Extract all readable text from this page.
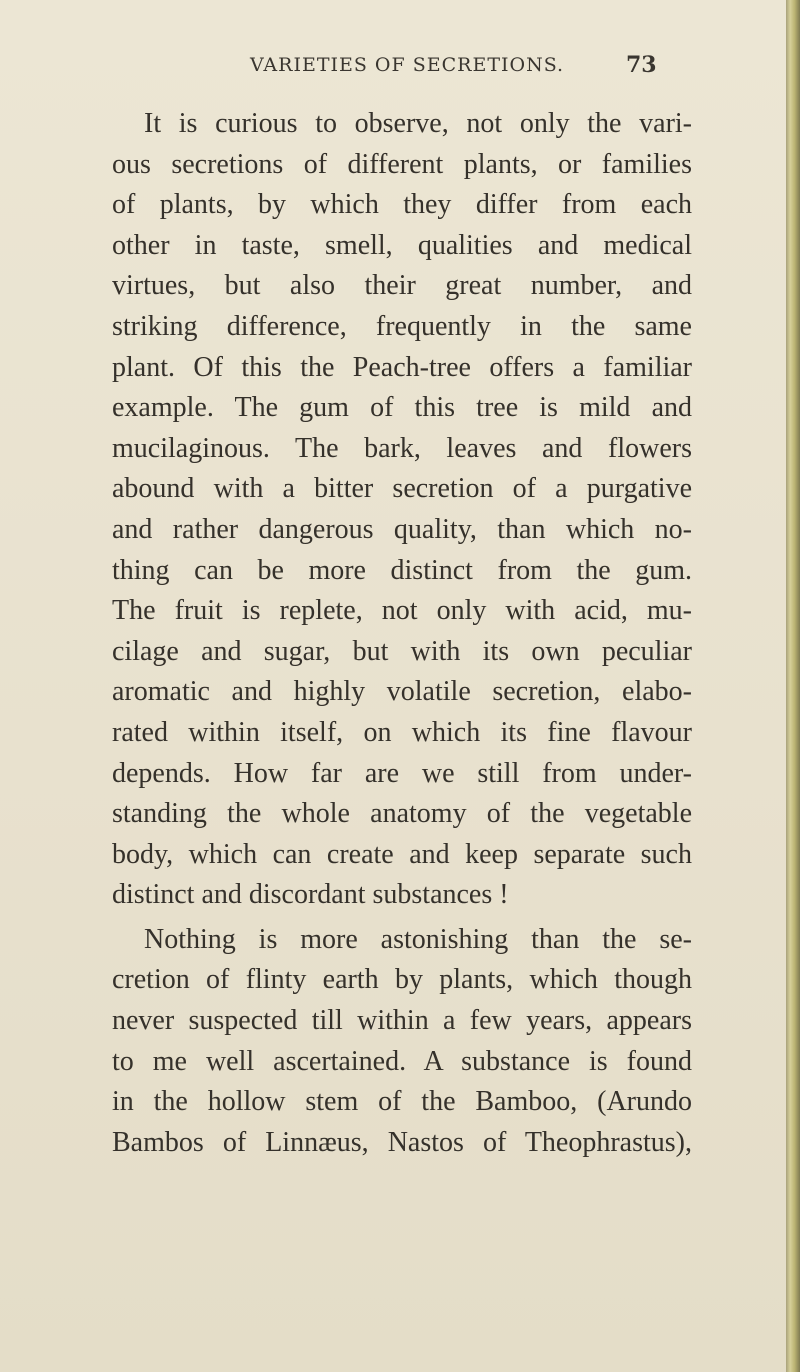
VARIETIES OF SECRETIONS.	73
It is curious to observe, not only the vari-
ous secretions of different plants, or families
of plants, by which they differ from each
other in taste, smell, qualities and medical
virtues, but also their great number, and
striking difference, frequently in the same
plant. Of this the Peach-tree offers a familiar
example. The gum of this tree is mild and
mucilaginous. The bark, leaves and flowers
abound with a bitter secretion of a purgative
and rather dangerous quality, than which no-
thing can be more distinct from the gum.
The fruit is replete, not only with acid, mu-
cilage and sugar, but with its own peculiar
aromatic and highly volatile secretion, elabo-
rated within itself, on which its fine flavour
depends. How far are we still from under-
standing the whole anatomy of the vegetable
body, which can create and keep separate such
distinct and discordant substances !
Nothing is more astonishing than the se-
cretion of flinty earth by plants, which though
never suspected till within a few years, appears
to me well ascertained. A substance is found
in the hollow stem of the Bamboo, (Arundo
Bambos of Linnæus, Nastos of Theophrastus),
